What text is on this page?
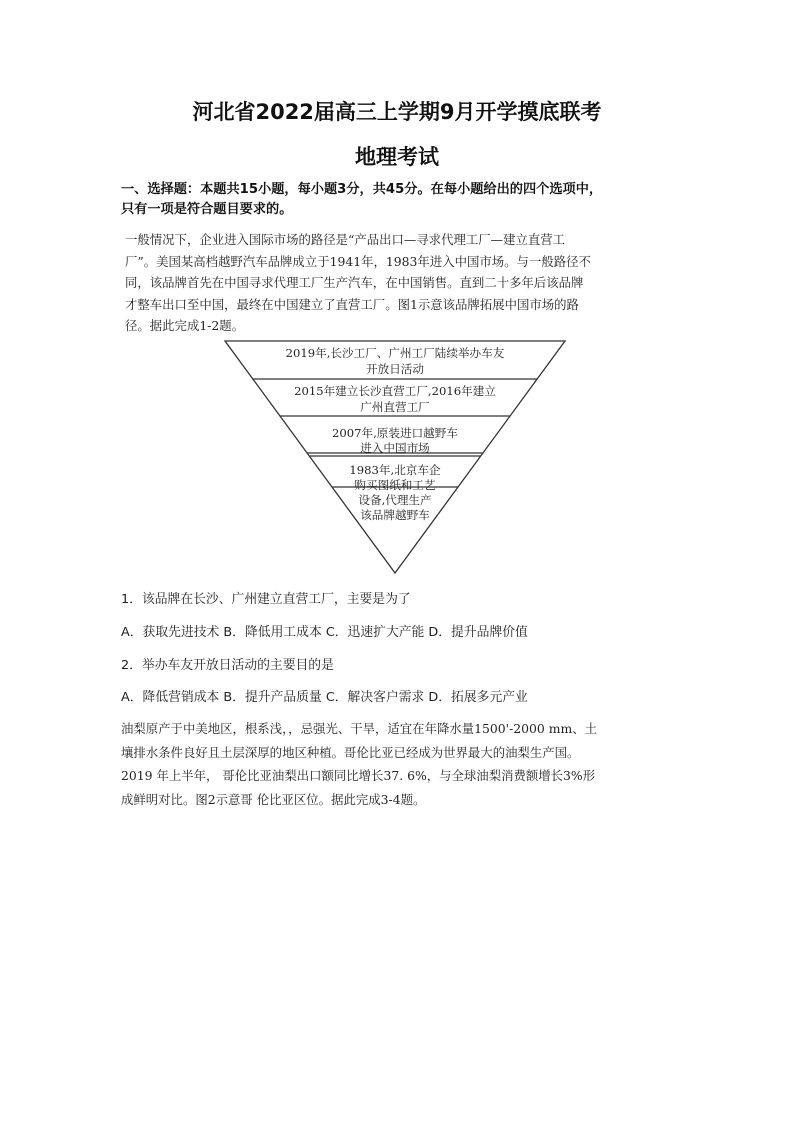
河北省2022届高三上学期9月开学摸底联考
地理考试
一、选择题：本题共15小题，每小题3分，共45分。在每小题给出的四个选项中，
只有一项是符合题目要求的。
一般情况下，企业进入国际市场的路径是“产品出口—寻求代理工厂—建立直营工
厂”。美国某高档越野汽车品牌成立于1941年，1983年进入中国市场。与一般路径不
同，该品牌首先在中国寻求代理工厂生产汽车，在中国销售。直到二十多年后该品牌
才整车出口至中国，最终在中国建立了直营工厂。图1示意该品牌拓展中国市场的路
径。据此完成1-2题。
2019年,长沙工厂、广州工厂陆续举办车友
开放日活动
2015年建立长沙直营工厂,2016年建立
广州直营工厂
2007年,原装进口越野车
进入中国市场
1983年,北京车企
购买图纸和工艺
设备,代理生产
该品牌越野车
1．该品牌在长沙、广州建立直营工厂，主要是为了
A．获取先进技术 B．降低用工成本 C．迅速扩大产能 D．提升品牌价值
2．举办车友开放日活动的主要目的是
A．降低营销成本 B．提升产品质量 C．解决客户需求 D．拓展多元产业
油梨原产于中美地区，根系浅，，忌强光、干旱，适宜在年降水量1500'-2000 mm、土
壤排水条件良好且土层深厚的地区种植。哥伦比亚已经成为世界最大的油梨生产国。
2019 年上半年， 哥伦比亚油梨出口额同比增长37. 6%，与全球油梨消费额增长3%形
成鲜明对比。图2示意哥 伦比亚区位。据此完成3-4题。
